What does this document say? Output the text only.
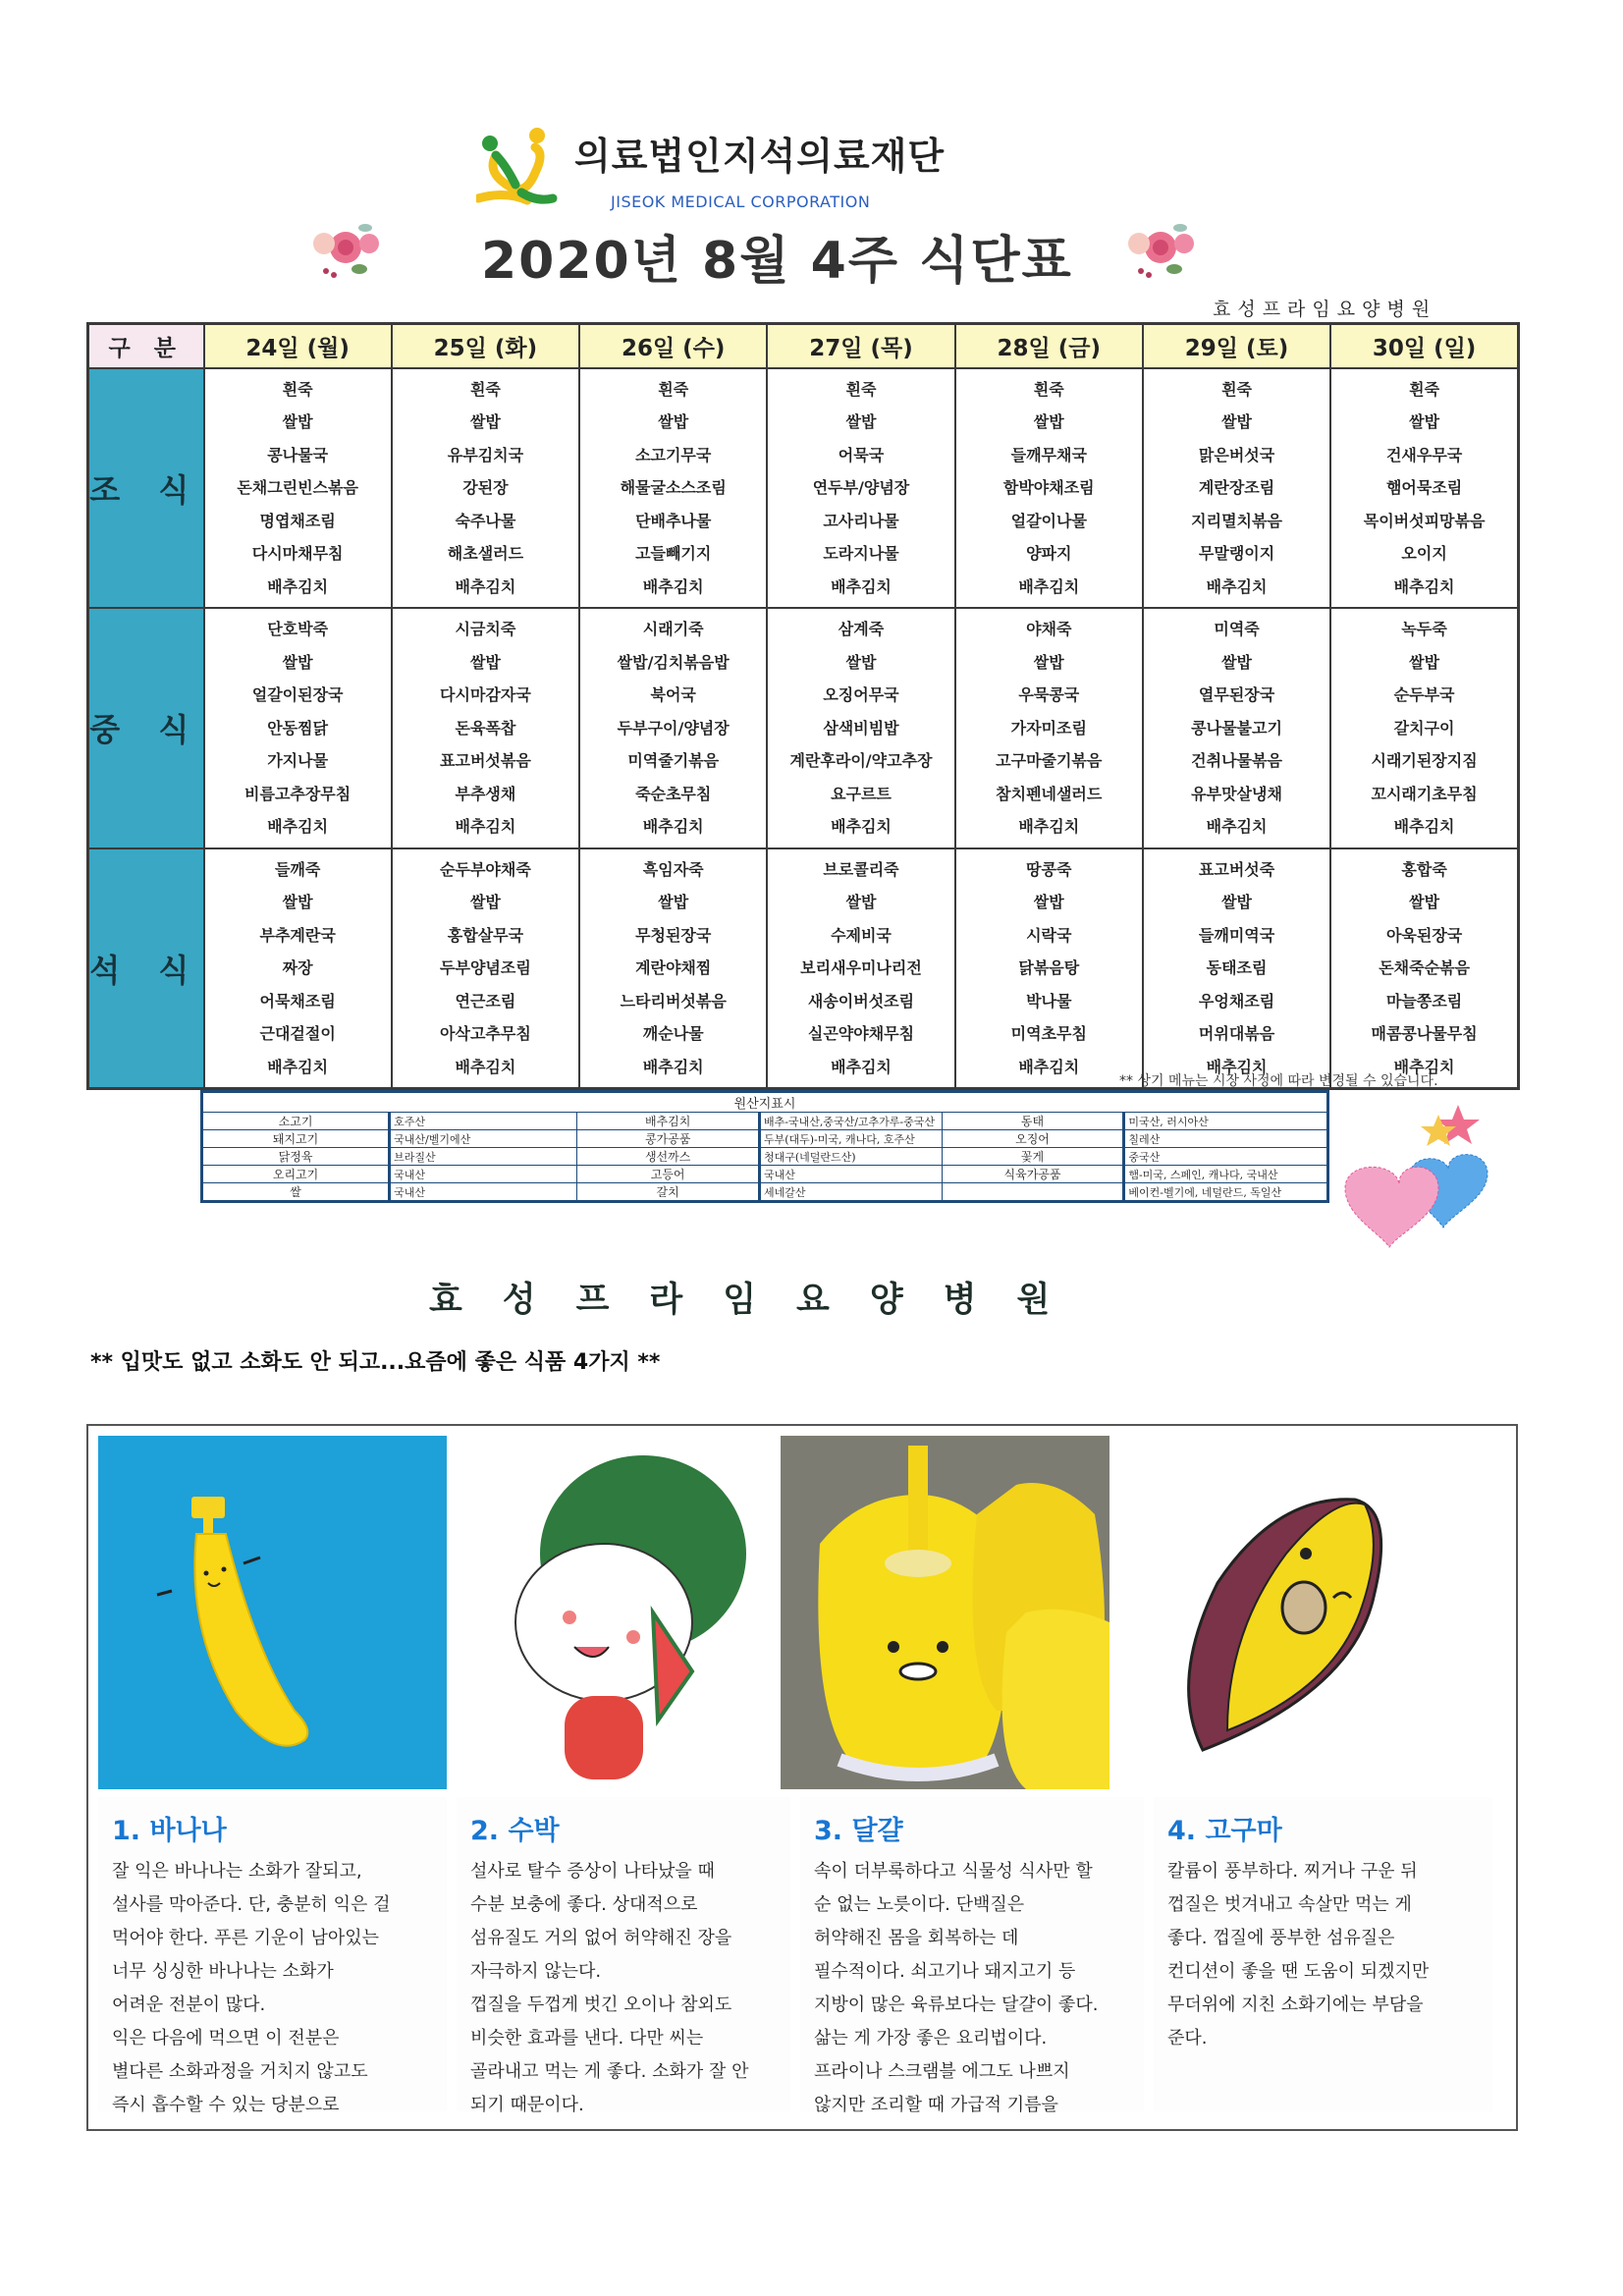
의료법인지석의료재단
JISEOK MEDICAL CORPORATION
2020년 8월 4주 식단표
효성프라임요양병원
구 분	24일 (월)	25일 (화)	26일 (수)	27일 (목)	28일 (금)	29일 (토)	30일 (일)
조 식	
흰죽
쌀밥
콩나물국
돈채그린빈스볶음
명엽채조림
다시마채무침
배추김치

흰죽
쌀밥
유부김치국
강된장
숙주나물
해초샐러드
배추김치

흰죽
쌀밥
소고기무국
해물굴소스조림
단배추나물
고들빼기지
배추김치

흰죽
쌀밥
어묵국
연두부/양념장
고사리나물
도라지나물
배추김치

흰죽
쌀밥
들깨무채국
함박야채조림
얼갈이나물
양파지
배추김치

흰죽
쌀밥
맑은버섯국
계란장조림
지리멸치볶음
무말랭이지
배추김치

흰죽
쌀밥
건새우무국
햄어묵조림
목이버섯피망볶음
오이지
배추김치

중 식	
단호박죽
쌀밥
얼갈이된장국
안동찜닭
가지나물
비름고추장무침
배추김치

시금치죽
쌀밥
다시마감자국
돈육폭찹
표고버섯볶음
부추생채
배추김치

시래기죽
쌀밥/김치볶음밥
북어국
두부구이/양념장
미역줄기볶음
죽순초무침
배추김치

삼계죽
쌀밥
오징어무국
삼색비빔밥
계란후라이/약고추장
요구르트
배추김치

야채죽
쌀밥
우묵콩국
가자미조림
고구마줄기볶음
참치펜네샐러드
배추김치

미역죽
쌀밥
열무된장국
콩나물불고기
건취나물볶음
유부맛살냉채
배추김치

녹두죽
쌀밥
순두부국
갈치구이
시래기된장지짐
꼬시래기초무침
배추김치

석 식	
들깨죽
쌀밥
부추계란국
짜장
어묵채조림
근대겉절이
배추김치

순두부야채죽
쌀밥
홍합살무국
두부양념조림
연근조림
아삭고추무침
배추김치

흑임자죽
쌀밥
무청된장국
계란야채찜
느타리버섯볶음
깨순나물
배추김치

브로콜리죽
쌀밥
수제비국
보리새우미나리전
새송이버섯조림
실곤약야채무침
배추김치

땅콩죽
쌀밥
시락국
닭볶음탕
박나물
미역초무침
배추김치

표고버섯죽
쌀밥
들깨미역국
동태조림
우엉채조림
머위대볶음
배추김치

홍합죽
쌀밥
아욱된장국
돈채죽순볶음
마늘쫑조림
매콤콩나물무침
배추김치
** 상기 메뉴는 시장 사정에 따라 변경될 수 있습니다.
원산지표시					
소고기	호주산	배추김치	배추-국내산,중국산/고추가루-중국산	동태	미국산, 러시아산
돼지고기	국내산/벨기에산	콩가공품	두부(대두)-미국, 캐나다, 호주산	오징어	칠레산
닭정육	브라질산	생선까스	청대구(네덜란드산)	꽃게	중국산
오리고기	국내산	고등어	국내산	식육가공품	햄-미국, 스페인, 캐나다, 국내산
쌀	국내산	갈치	세네갈산		베이컨-벨기에, 네덜란드, 독일산
효성프라임요양병원
** 입맛도 없고 소화도 안 되고...요즘에 좋은 식품 4가지 **
1. 바나나
잘 익은 바나나는 소화가 잘되고,
설사를 막아준다. 단, 충분히 익은 걸
먹어야 한다. 푸른 기운이 남아있는
너무 싱싱한 바나나는 소화가
어려운 전분이 많다.
익은 다음에 먹으면 이 전분은
별다른 소화과정을 거치지 않고도
즉시 흡수할 수 있는 당분으로
2. 수박
설사로 탈수 증상이 나타났을 때
수분 보충에 좋다. 상대적으로
섬유질도 거의 없어 허약해진 장을
자극하지 않는다.
껍질을 두껍게 벗긴 오이나 참외도
비슷한 효과를 낸다. 다만 씨는
골라내고 먹는 게 좋다. 소화가 잘 안
되기 때문이다.
3. 달걀
속이 더부룩하다고 식물성 식사만 할
순 없는 노릇이다. 단백질은
허약해진 몸을 회복하는 데
필수적이다. 쇠고기나 돼지고기 등
지방이 많은 육류보다는 달걀이 좋다.
삶는 게 가장 좋은 요리법이다.
프라이나 스크램블 에그도 나쁘지
않지만 조리할 때 가급적 기름을
4. 고구마
칼륨이 풍부하다. 찌거나 구운 뒤
껍질은 벗겨내고 속살만 먹는 게
좋다. 껍질에 풍부한 섬유질은
컨디션이 좋을 땐 도움이 되겠지만
무더위에 지친 소화기에는 부담을
준다.
